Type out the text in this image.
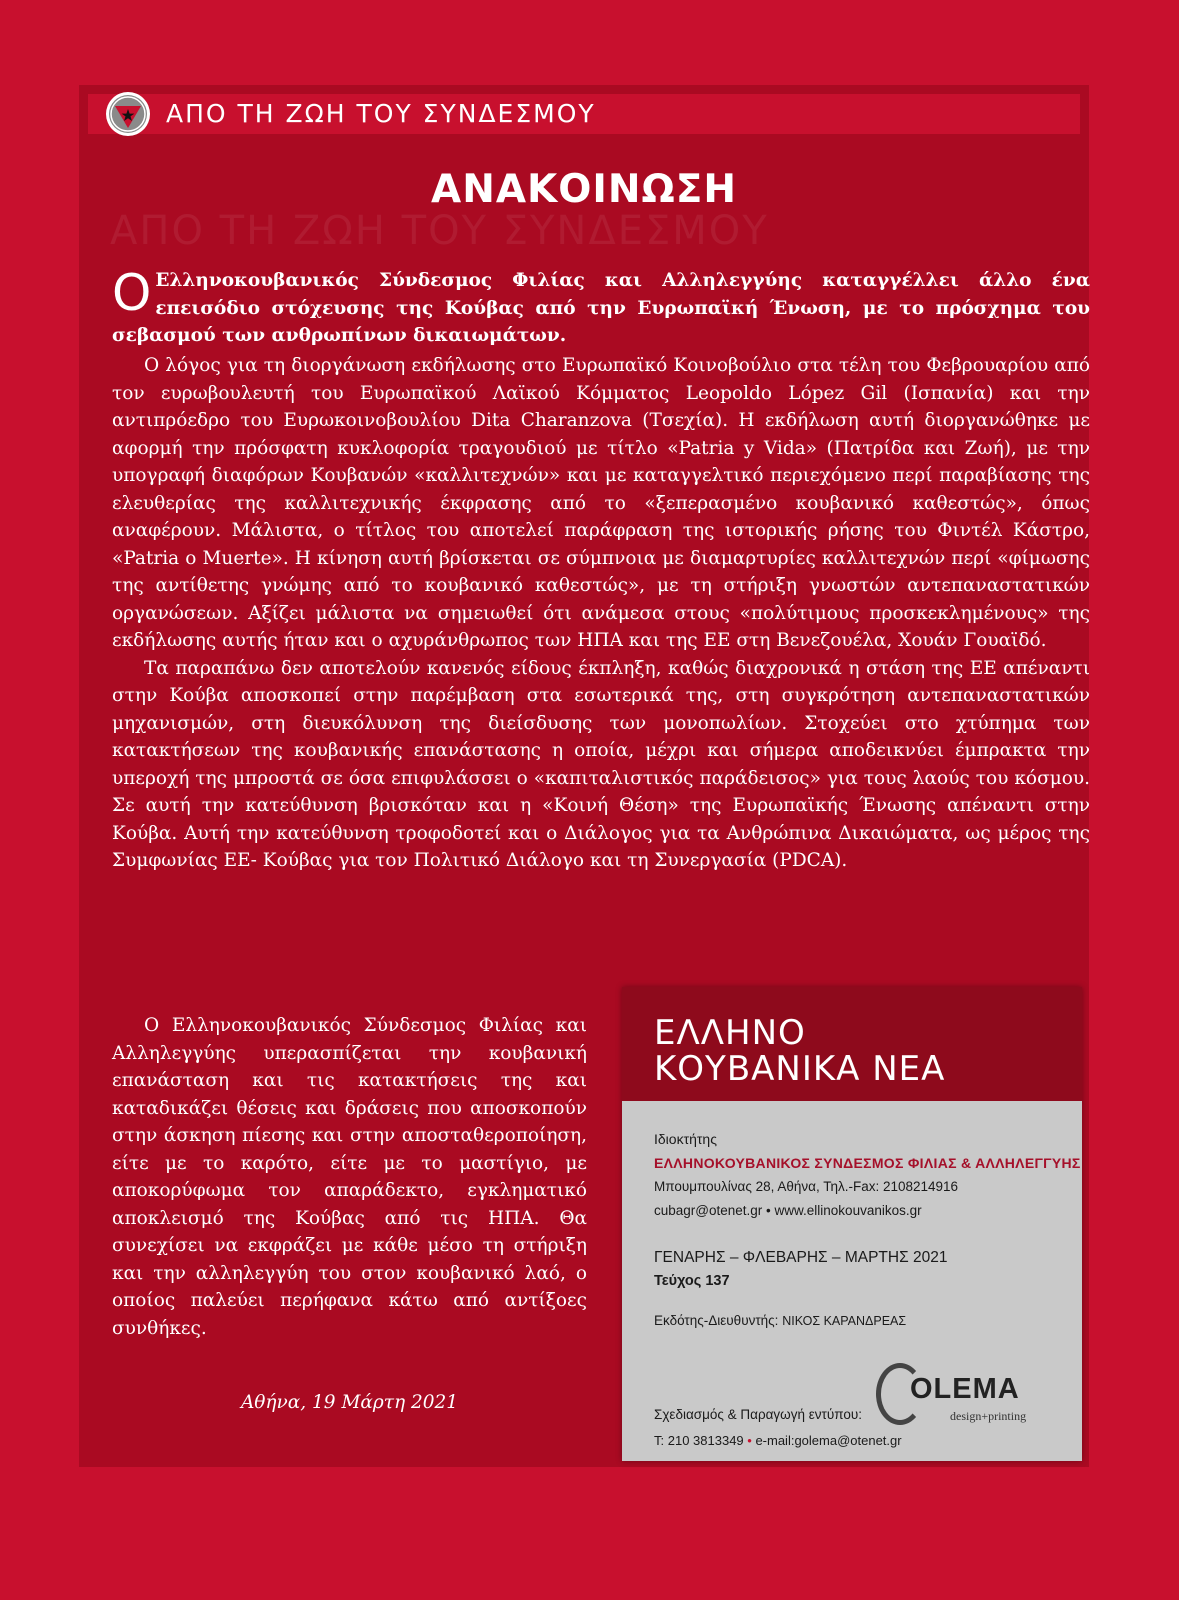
ΑΠΟ ΤΗ ΖΩΗ ΤΟΥ ΣΥΝΔΕΣΜΟΥ
ΑΠΟ ΤΗ ΖΩΗ ΤΟΥ ΣΥΝΔΕΣΜΟΥ
ΑΝΑΚΟΙΝΩΣΗ

Ο Ελληνοκουβανικός Σύνδεσμος Φιλίας και Αλληλεγγύης καταγγέλλει άλλο ένα επεισόδιο στόχευσης της Κούβας από την Ευρωπαϊκή Ένωση, με το πρόσχημα του σεβασμού των ανθρωπίνων δικαιωμάτων.

Ο λόγος για τη διοργάνωση εκδήλωσης στο Ευρωπαϊκό Κοινοβούλιο στα τέλη του Φεβρουαρίου από τον ευρωβουλευτή του Ευρωπαϊκού Λαϊκού Κόμματος Leopoldo López Gil (Ισπανία) και την αντιπρόεδρο του Ευρωκοινοβουλίου Dita Charanzova (Τσεχία). Η εκδήλωση αυτή διοργανώθηκε με αφορμή την πρόσφατη κυκλοφορία τραγουδιού με τίτλο «Patria y Vida» (Πατρίδα και Ζωή), με την υπογραφή διαφόρων Κουβανών «καλλιτεχνών» και με καταγγελτικό περιεχόμενο περί παραβίασης της ελευθερίας της καλλιτεχνικής έκφρασης από το «ξεπερασμένο κουβανικό καθεστώς», όπως αναφέρουν. Μάλιστα, ο τίτλος του αποτελεί παράφραση της ιστορικής ρήσης του Φιντέλ Κάστρο, «Patria o Muerte». Η κίνηση αυτή βρίσκεται σε σύμπνοια με διαμαρτυρίες καλλιτεχνών περί «φίμωσης της αντίθετης γνώμης από το κουβανικό καθεστώς», με τη στήριξη γνωστών αντεπαναστατικών οργανώσεων. Αξίζει μάλιστα να σημειωθεί ότι ανάμεσα στους «πολύτιμους προσκεκλημένους» της εκδήλωσης αυτής ήταν και ο αχυράνθρωπος των ΗΠΑ και της ΕΕ στη Βενεζουέλα, Χουάν Γουαϊδό.

Τα παραπάνω δεν αποτελούν κανενός είδους έκπληξη, καθώς διαχρονικά η στάση της ΕΕ απέναντι στην Κούβα αποσκοπεί στην παρέμβαση στα εσωτερικά της, στη συγκρότηση αντεπαναστατικών μηχανισμών, στη διευκόλυνση της διείσδυσης των μονοπωλίων. Στοχεύει στο χτύπημα των κατακτήσεων της κουβανικής επανάστασης η οποία, μέχρι και σήμερα αποδεικνύει έμπρακτα την υπεροχή της μπροστά σε όσα επιφυλάσσει ο «καπιταλιστικός παράδεισος» για τους λαούς του κόσμου. Σε αυτή την κατεύθυνση βρισκόταν και η «Κοινή Θέση» της Ευρωπαϊκής Ένωσης απέναντι στην Κούβα. Αυτή την κατεύθυνση τροφοδοτεί και ο Διάλογος για τα Ανθρώπινα Δικαιώματα, ως μέρος της Συμφωνίας ΕΕ- Κούβας για τον Πολιτικό Διάλογο και τη Συνεργασία (PDCA).

Ο Ελληνοκουβανικός Σύνδεσμος Φιλίας και Αλληλεγγύης υπερασπίζεται την κουβανική επανάσταση και τις κατακτήσεις της και καταδικάζει θέσεις και δράσεις που αποσκοπούν στην άσκηση πίεσης και στην αποσταθεροποίηση, είτε με το καρότο, είτε με το μαστίγιο, με αποκορύφωμα τον απαράδεκτο, εγκληματικό αποκλεισμό της Κούβας από τις ΗΠΑ. Θα συνεχίσει να εκφράζει με κάθε μέσο τη στήριξη και την αλληλεγγύη του στον κουβανικό λαό, ο οποίος παλεύει περήφανα κάτω από αντίξοες συνθήκες.

Αθήνα, 19 Μάρτη 2021
ΕΛΛΗΝΟ
ΚΟΥΒΑΝΙΚΑ ΝΕΑ
Ιδιοκτήτης
ΕΛΛΗΝΟΚΟΥΒΑΝΙΚΟΣ ΣΥΝΔΕΣΜΟΣ ΦΙΛΙΑΣ & ΑΛΛΗΛΕΓΓΥΗΣ
Μπουμπουλίνας 28, Αθήνα, Τηλ.-Fax: 2108214916
cubagr@otenet.gr • www.ellinokouvanikos.gr
ΓΕΝΑΡΗΣ – ΦΛΕΒΑΡΗΣ – ΜΑΡΤΗΣ 2021
Τεύχος 137
Εκδότης-Διευθυντής: ΝΙΚΟΣ ΚΑΡΑΝΔΡΕΑΣ
OLEMA
design+printing
Σχεδιασμός & Παραγωγή εντύπου:
Τ: 210 3813349 • e-mail:golema@otenet.gr
